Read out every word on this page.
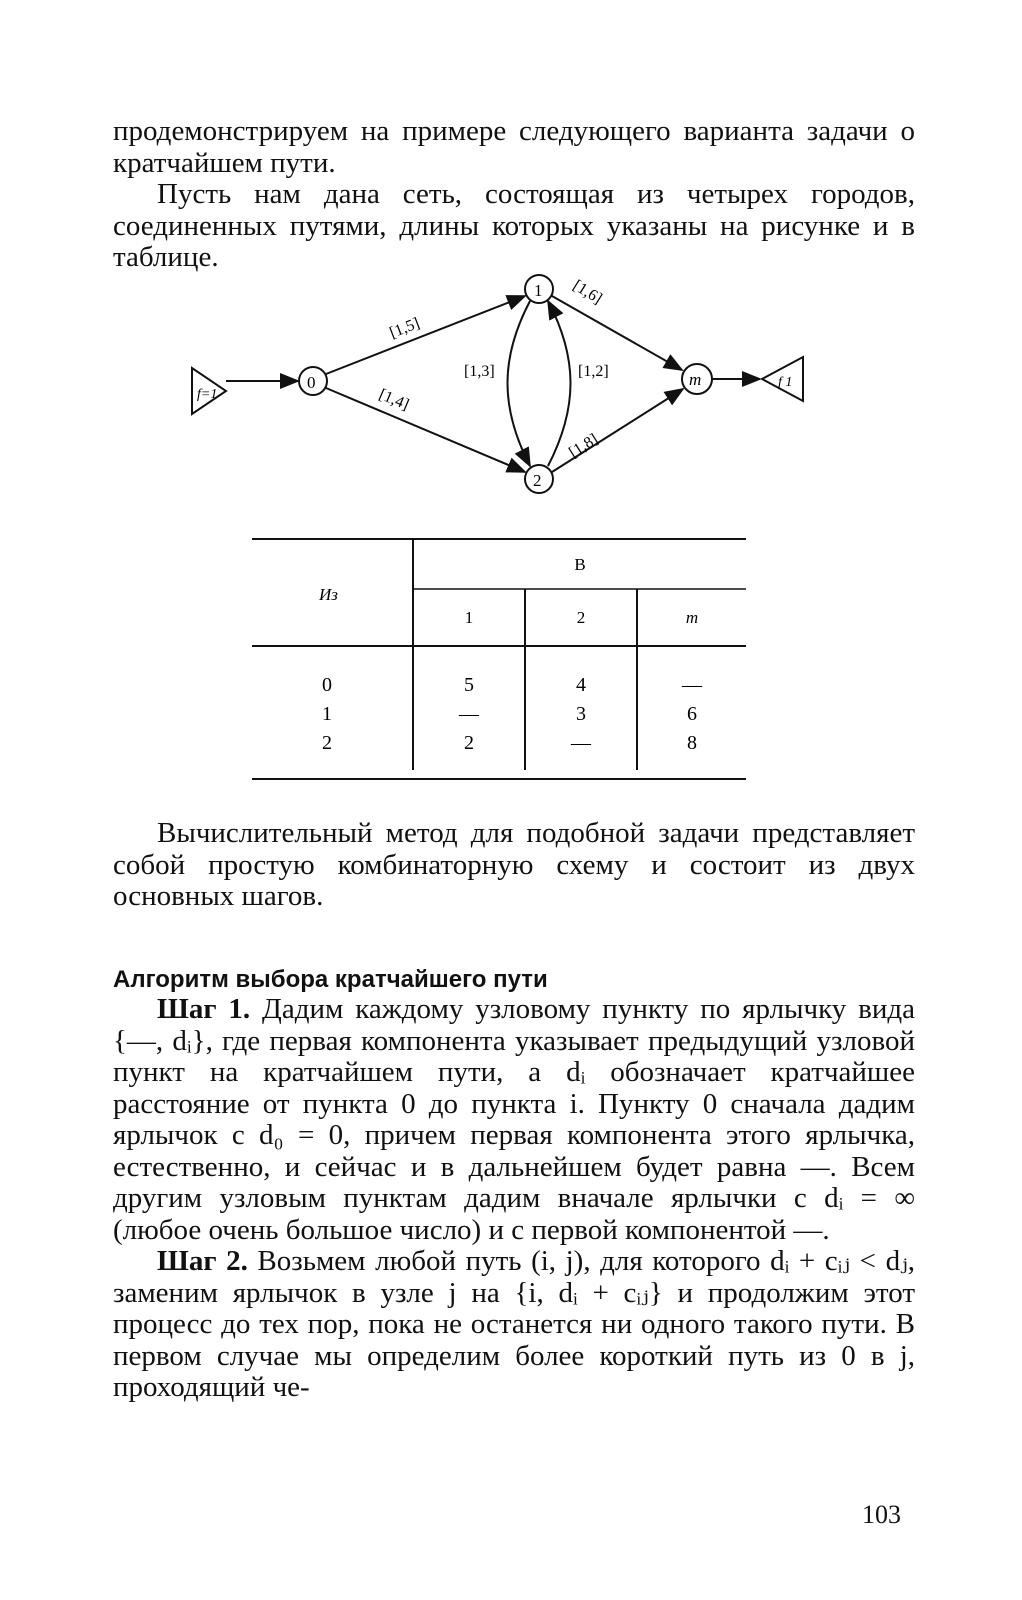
продемонстрируем на примере следующего варианта задачи о кратчайшем пути.

Пусть нам дана сеть, состоящая из четырех городов, соединенных путями, длины которых указаны на рисунке и в таблице.

f=1
0
1
2
m	f 1
[1,5]
[1,4]
[1,3]	[1,2]
[1,6]
[1,8]
Из
В
1	2	m
0	5	4	—
1	—	3	6
2	2	—	8

Вычислительный метод для подобной задачи представляет собой простую комбинаторную схему и состоит из двух основных шагов.

Алгоритм выбора кратчайшего пути

Шаг 1. Дадим каждому узловому пункту по ярлычку вида {—, dᵢ}, где первая компонента указывает предыдущий узловой пункт на кратчайшем пути, а dᵢ обозначает кратчайшее расстояние от пункта 0 до пункта i. Пункту 0 сначала дадим ярлычок с d₀ = 0, причем первая компонента этого ярлычка, естественно, и сейчас и в дальнейшем будет равна —. Всем другим узловым пунктам дадим вначале ярлычки с dᵢ = ∞ (любое очень большое число) и с первой компонентой —.

Шаг 2. Возьмем любой путь (i, j), для которого dᵢ + cᵢⱼ < dⱼ, заменим ярлычок в узле j на {i, dᵢ + cᵢⱼ} и продолжим этот процесс до тех пор, пока не останется ни одного такого пути. В первом случае мы определим более короткий путь из 0 в j, проходящий че-

103
